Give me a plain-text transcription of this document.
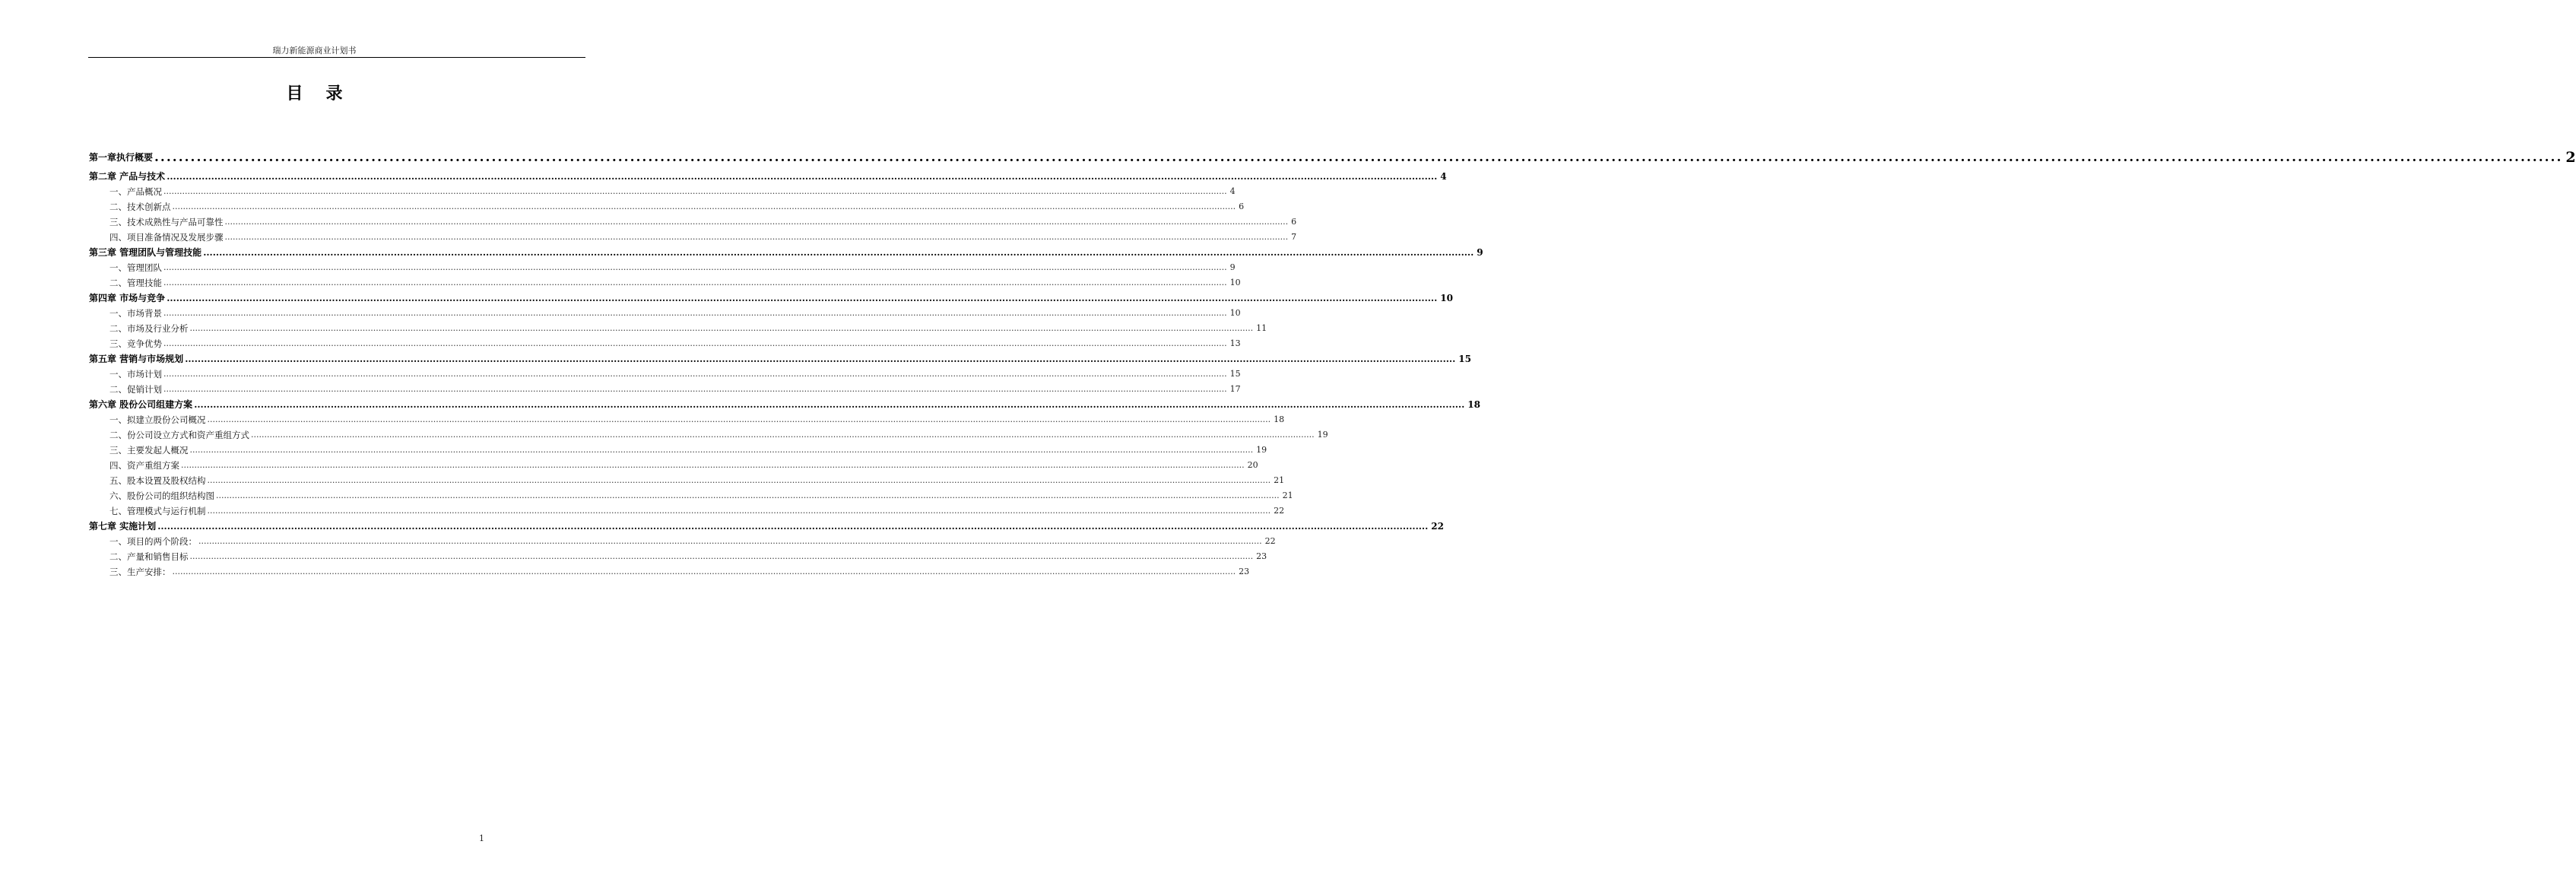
瑞力新能源商业计划书
目录
第一章执行概要 ................................................................................................................................................................................................................................................................................................................................................................................................................ 2
第二章 产品与技术 ................................................................................................................................................................................................................................................................................................................................................................................................................ 4
一、产品概况 ................................................................................................................................................................................................................................................................................................................................................................................................................ 4
二、技术创新点 ................................................................................................................................................................................................................................................................................................................................................................................................................ 6
三、技术成熟性与产品可靠性 ................................................................................................................................................................................................................................................................................................................................................................................................................ 6
四、项目准备情况及发展步骤 ................................................................................................................................................................................................................................................................................................................................................................................................................ 7
第三章 管理团队与管理技能 ................................................................................................................................................................................................................................................................................................................................................................................................................ 9
一、管理团队 ................................................................................................................................................................................................................................................................................................................................................................................................................ 9
二、管理技能 ................................................................................................................................................................................................................................................................................................................................................................................................................ 10
第四章 市场与竞争 ................................................................................................................................................................................................................................................................................................................................................................................................................ 10
一、市场背景 ................................................................................................................................................................................................................................................................................................................................................................................................................ 10
二、市场及行业分析 ................................................................................................................................................................................................................................................................................................................................................................................................................ 11
三、竞争优势 ................................................................................................................................................................................................................................................................................................................................................................................................................ 13
第五章 营销与市场规划 ................................................................................................................................................................................................................................................................................................................................................................................................................ 15
一、市场计划 ................................................................................................................................................................................................................................................................................................................................................................................................................ 15
二、促销计划 ................................................................................................................................................................................................................................................................................................................................................................................................................ 17
第六章 股份公司组建方案 ................................................................................................................................................................................................................................................................................................................................................................................................................ 18
一、拟建立股份公司概况 ................................................................................................................................................................................................................................................................................................................................................................................................................ 18
二、份公司设立方式和资产重组方式 ................................................................................................................................................................................................................................................................................................................................................................................................................ 19
三、主要发起人概况 ................................................................................................................................................................................................................................................................................................................................................................................................................ 19
四、资产重组方案 ................................................................................................................................................................................................................................................................................................................................................................................................................ 20
五、股本设置及股权结构 ................................................................................................................................................................................................................................................................................................................................................................................................................ 21
六、股份公司的组织结构图 ................................................................................................................................................................................................................................................................................................................................................................................................................ 21
七、管理模式与运行机制 ................................................................................................................................................................................................................................................................................................................................................................................................................ 22
第七章 实施计划 ................................................................................................................................................................................................................................................................................................................................................................................................................ 22
一、项目的两个阶段： ................................................................................................................................................................................................................................................................................................................................................................................................................ 22
二、产量和销售目标 ................................................................................................................................................................................................................................................................................................................................................................................................................ 23
三、生产安排： ................................................................................................................................................................................................................................................................................................................................................................................................................ 23
1
